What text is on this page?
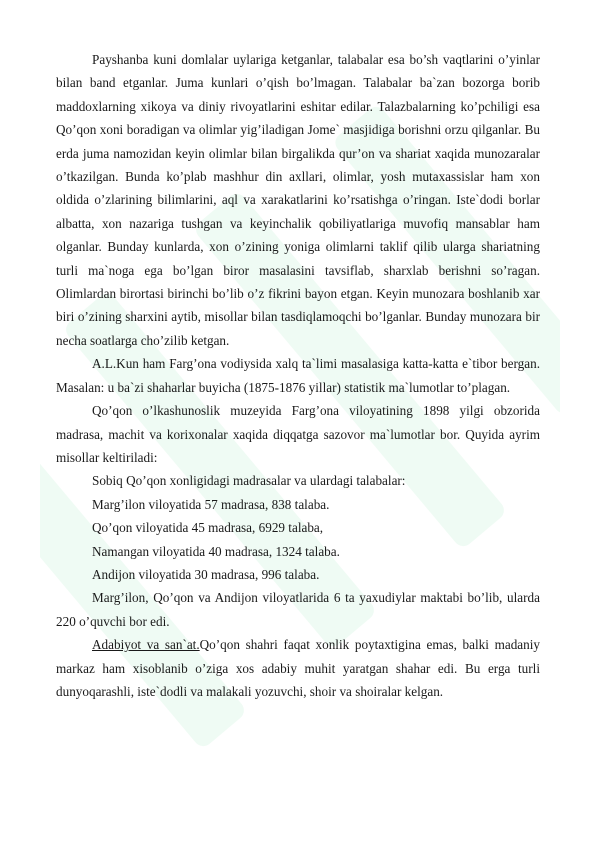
Payshanba kuni domlalar uylariga ketganlar, talabalar esa bo’sh vaqtlarini o’yinlar bilan band etganlar. Juma kunlari o’qish bo’lmagan. Talabalar ba`zan bozorga borib maddoxlarning xikoya va diniy rivoyatlarini eshitar edilar. Talazbalarning ko’pchiligi esa Qo’qon xoni boradigan va olimlar yig’iladigan Jome` masjidiga borishni orzu qilganlar. Bu erda juma namozidan keyin olimlar bilan birgalikda qur’on va shariat xaqida munozaralar o’tkazilgan. Bunda ko’plab mashhur din axllari, olimlar, yosh mutaxassislar ham xon oldida o’zlarining bilimlarini, aql va xarakatlarini ko’rsatishga o’ringan. Iste`dodi borlar albatta, xon nazariga tushgan va keyinchalik qobiliyatlariga muvofiq mansablar ham olganlar. Bunday kunlarda, xon o’zining yoniga olimlarni taklif qilib ularga shariatning turli ma`noga ega bo’lgan biror masalasini tavsiflab, sharxlab berishni so’ragan. Olimlardan birortasi birinchi bo’lib o’z fikrini bayon etgan. Keyin munozara boshlanib xar biri o’zining sharxini aytib, misollar bilan tasdiqlamoqchi bo’lganlar. Bunday munozara bir necha soatlarga cho’zilib ketgan.

A.L.Kun ham Farg’ona vodiysida xalq ta`limi masalasiga katta-katta e`tibor bergan. Masalan: u ba`zi shaharlar buyicha (1875-1876 yillar) statistik ma`lumotlar to’plagan.

Qo’qon o’lkashunoslik muzeyida Farg’ona viloyatining 1898 yilgi obzorida madrasa, machit va korixonalar xaqida diqqatga sazovor ma`lumotlar bor. Quyida ayrim misollar keltiriladi:

Sobiq Qo’qon xonligidagi madrasalar va ulardagi talabalar:

Marg’ilon viloyatida 57 madrasa, 838 talaba.

Qo’qon viloyatida 45 madrasa, 6929 talaba,

Namangan viloyatida 40 madrasa, 1324 talaba.

Andijon viloyatida 30 madrasa, 996 talaba.

Marg’ilon, Qo’qon va Andijon viloyatlarida 6 ta yaxudiylar maktabi bo’lib, ularda 220 o’quvchi bor edi.

Adabiyot va san`at.Qo’qon shahri faqat xonlik poytaxtigina emas, balki madaniy markaz ham xisoblanib o’ziga xos adabiy muhit yaratgan shahar edi. Bu erga turli dunyoqarashli, iste`dodli va malakali yozuvchi, shoir va shoiralar kelgan.
